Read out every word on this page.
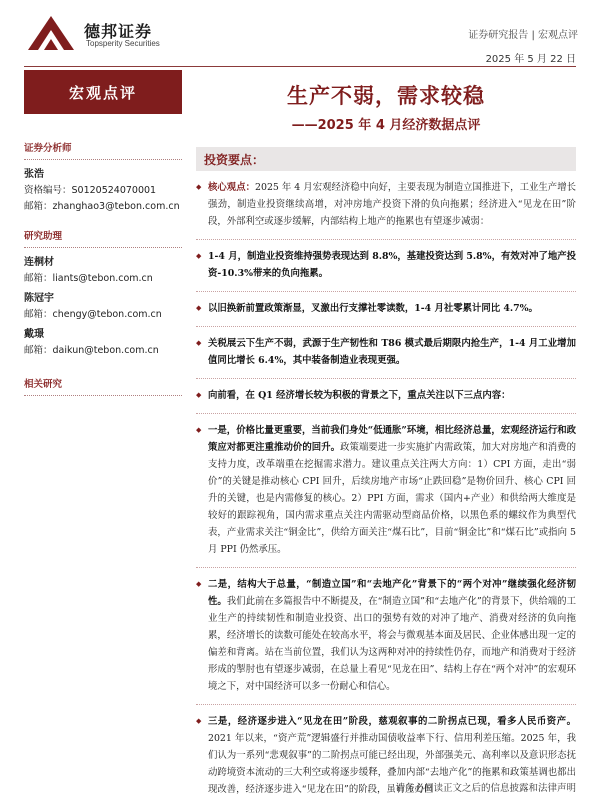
德邦证券
Topsperity Securities
证券研究报告 | 宏观点评
2025 年 5 月 22 日
宏观点评
证券分析师
张浩
资格编号：S0120524070001
邮箱：zhanghao3@tebon.com.cn
研究助理
连桐材
邮箱：liants@tebon.com.cn
陈冠宇
邮箱：chengy@tebon.com.cn
戴璟
邮箱：daikun@tebon.com.cn
相关研究
生产不弱，需求较稳
——2025 年 4 月经济数据点评
投资要点：
◆ 核心观点：2025 年 4 月宏观经济稳中向好，主要表现为制造立国推进下，工业生产增长强劲，制造业投资继续高增，对冲房地产投资下滑的负向拖累；经济进入“见龙在田”阶段，外部利空或逐步缓解，内部结构上地产的拖累也有望逐步减弱：
◆ 1-4 月，制造业投资维持强势表现达到 8.8%，基建投资达到 5.8%，有效对冲了地产投资-10.3%带来的负向拖累。
◆ 以旧换新前置政策渐显，叉激出行支撑社零读数，1-4 月社零累计同比 4.7%。
◆ 关税展云下生产不弱，武源于生产韧性和 T86 模式最后期限内抢生产，1-4 月工业增加值同比增长 6.4%，其中装备制造业表现更强。
◆ 向前看，在 Q1 经济增长较为积极的背景之下，重点关注以下三点内容：
◆ 一是，价格比量更重要，当前我们身处“低通胀”环境，相比经济总量，宏观经济运行和政策应对都更注重推动价的回升。政策端要进一步实施扩内需政策，加大对房地产和消费的支持力度，改革端重在挖掘需求潜力。建议重点关注两大方向：1）CPI 方面，走出“弱价”的关键是推动核心 CPI 回升，后续房地产市场“止跌回稳”是物价回升、核心 CPI 回升的关键，也是内需修复的核心。2）PPI 方面，需求（国内+产业）和供给两大维度是较好的跟踪视角，国内需求重点关注内需驱动型商品价格，以黑色系的螺纹作为典型代表，产业需求关注“铜金比”，供给方面关注“煤石比”，目前“铜金比”和“煤石比”或指向 5 月 PPI 仍然承压。
◆ 二是，结构大于总量，“制造立国”和“去地产化”背景下的“两个对冲”继续强化经济韧性。我们此前在多篇报告中不断提及，在“制造立国”和“去地产化”的背景下，供给端的工业生产的持续韧性和制造业投资、出口的强势有效的对冲了地产、消费对经济的负向拖累，经济增长的读数可能处在较高水平，将会与微观基本面及居民、企业体感出现一定的偏差和背离。站在当前位置，我们认为这两种对冲的持续性仍存，而地产和消费对于经济形成的掣肘也有望逐步减弱，在总量上看见“见龙在田”、结构上存在“两个对冲”的宏观环境之下，对中国经济可以多一份耐心和信心。
◆ 三是，经济逐步进入“见龙在田”阶段，慈观叙事的二阶拐点已现，看多人民币资产。2021 年以来，“资产荒”逻辑盛行并推动国债收益率下行、信用利差压缩。2025 年，我们认为一系列“悲观叙事”的二阶拐点可能已经出现，外部强美元、高利率以及意识形态抚动跨境资本流动的三大利空或将逐步缓释，叠加内部“去地产化”的拖累和政策基调也都出现改善，经济逐步进入“见龙在田”的阶段，虽有压力但
请务必阅读正文之后的信息披露和法律声明
